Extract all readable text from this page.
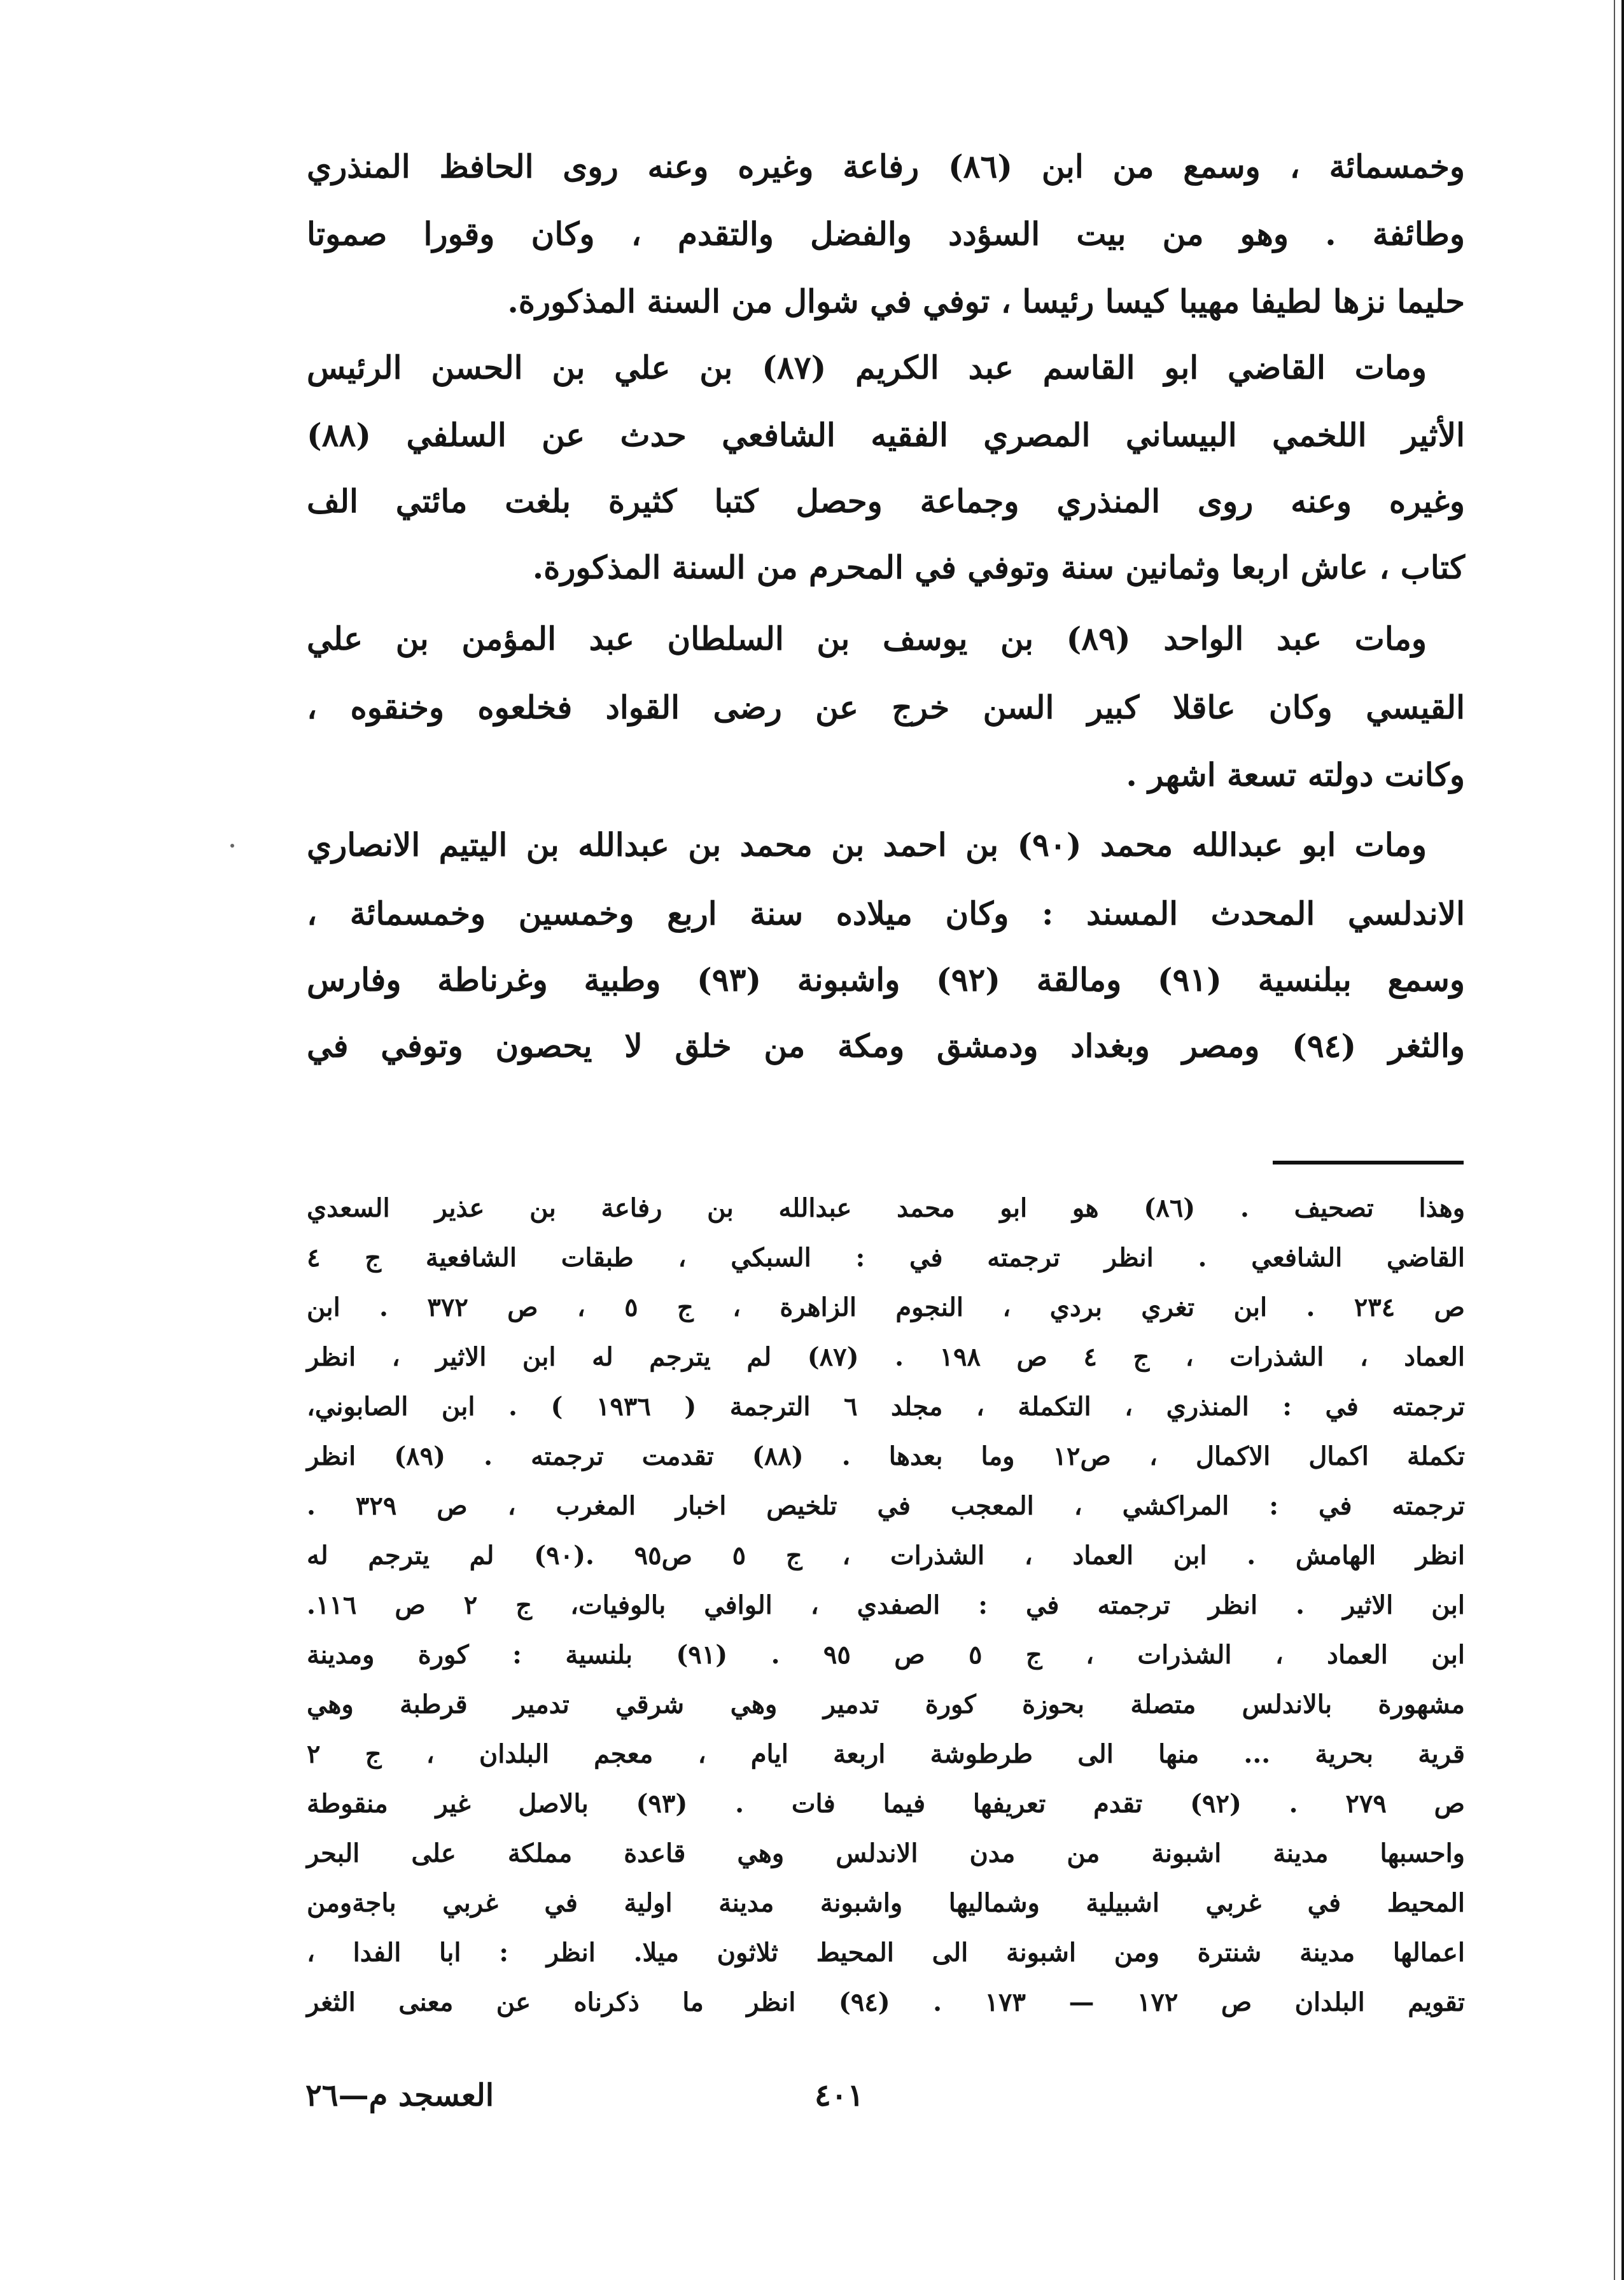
وخمسمائة ، وسمع من ابن (٨٦) رفاعة وغيره وعنه روى الحافظ المنذري
وطائفة . وهو من بيت السؤدد والفضل والتقدم ، وكان وقورا صموتا
حليما نزها لطيفا مهيبا كيسا رئيسا ، توفي في شوال من السنة المذكورة.
ومات القاضي ابو القاسم عبد الكريم (٨٧) بن علي بن الحسن الرئيس
الأثير اللخمي البيساني المصري الفقيه الشافعي حدث عن السلفي (٨٨)
وغيره وعنه روى المنذري وجماعة وحصل كتبا كثيرة بلغت مائتي الف
كتاب ، عاش اربعا وثمانين سنة وتوفي في المحرم من السنة المذكورة.
ومات عبد الواحد (٨٩) بن يوسف بن السلطان عبد المؤمن بن علي
القيسي وكان عاقلا كبير السن خرج عن رضى القواد فخلعوه وخنقوه ،
وكانت دولته تسعة اشهر .
ومات ابو عبدالله محمد (٩٠) بن احمد بن محمد بن عبدالله بن اليتيم الانصاري
الاندلسي المحدث المسند : وكان ميلاده سنة اربع وخمسين وخمسمائة ،
وسمع ببلنسية (٩١) ومالقة (٩٢) واشبونة (٩٣) وطبية وغرناطة وفارس
والثغر (٩٤) ومصر وبغداد ودمشق ومكة من خلق لا يحصون وتوفي في
وهذا تصحيف . (٨٦) هو ابو محمد عبدالله بن رفاعة بن عذير السعدي
القاضي الشافعي . انظر ترجمته في : السبكي ، طبقات الشافعية ج ٤
ص ٢٣٤ . ابن تغري بردي ، النجوم الزاهرة ، ج ٥ ، ص ٣٧٢ . ابن
العماد ، الشذرات ، ج ٤ ص ١٩٨ . (٨٧) لم يترجم له ابن الاثير ، انظر
ترجمته في : المنذري ، التكملة ، مجلد ٦ الترجمة ( ١٩٣٦ ) . ابن الصابوني،
تكملة اكمال الاكمال ، ص١٢ وما بعدها . (٨٨) تقدمت ترجمته . (٨٩) انظر
ترجمته في : المراكشي ، المعجب في تلخيص اخبار المغرب ، ص ٣٢٩ .
انظر الهامش . ابن العماد ، الشذرات ، ج ٥ ص٩٥ .(٩٠) لم يترجم له
ابن الاثير . انظر ترجمته في : الصفدي ، الوافي بالوفيات، ج ٢ ص ١١٦.
ابن العماد ، الشذرات ، ج ٥ ص ٩٥ . (٩١) بلنسية : كورة ومدينة
مشهورة بالاندلس متصلة بحوزة كورة تدمير وهي شرقي تدمير قرطبة وهي
قرية بحرية ... منها الى طرطوشة اربعة ايام ، معجم البلدان ، ج ٢
ص ٢٧٩ . (٩٢) تقدم تعريفها فيما فات . (٩٣) بالاصل غير منقوطة
واحسبها مدينة اشبونة من مدن الاندلس وهي قاعدة مملكة على البحر
المحيط في غربي اشبيلية وشماليها واشبونة مدينة اولية في غربي باجةومن
اعمالها مدينة شنترة ومن اشبونة الى المحيط ثلاثون ميلا. انظر : ابا الفدا ،
تقويم البلدان ص ١٧٢ — ١٧٣ . (٩٤) انظر ما ذكرناه عن معنى الثغر
العسجد م—٢٦	٤٠١
